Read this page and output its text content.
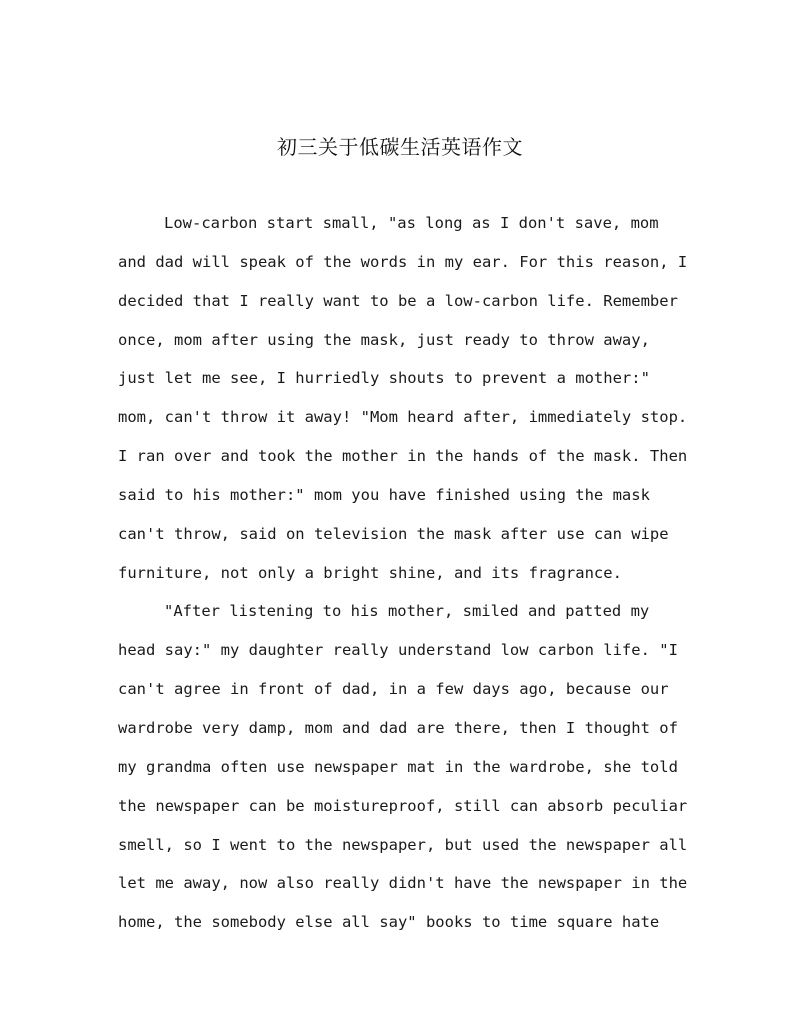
初三关于低碳生活英语作文
Low-carbon start small, "as long as I don't save, mom
and dad will speak of the words in my ear. For this reason, I
decided that I really want to be a low-carbon life. Remember
once, mom after using the mask, just ready to throw away,
just let me see, I hurriedly shouts to prevent a mother:"
mom, can't throw it away! "Mom heard after, immediately stop.
I ran over and took the mother in the hands of the mask. Then
said to his mother:" mom you have finished using the mask
can't throw, said on television the mask after use can wipe
furniture, not only a bright shine, and its fragrance.
"After listening to his mother, smiled and patted my
head say:" my daughter really understand low carbon life. "I
can't agree in front of dad, in a few days ago, because our
wardrobe very damp, mom and dad are there, then I thought of
my grandma often use newspaper mat in the wardrobe, she told
the newspaper can be moistureproof, still can absorb peculiar
smell, so I went to the newspaper, but used the newspaper all
let me away, now also really didn't have the newspaper in the
home, the somebody else all say" books to time square hate
